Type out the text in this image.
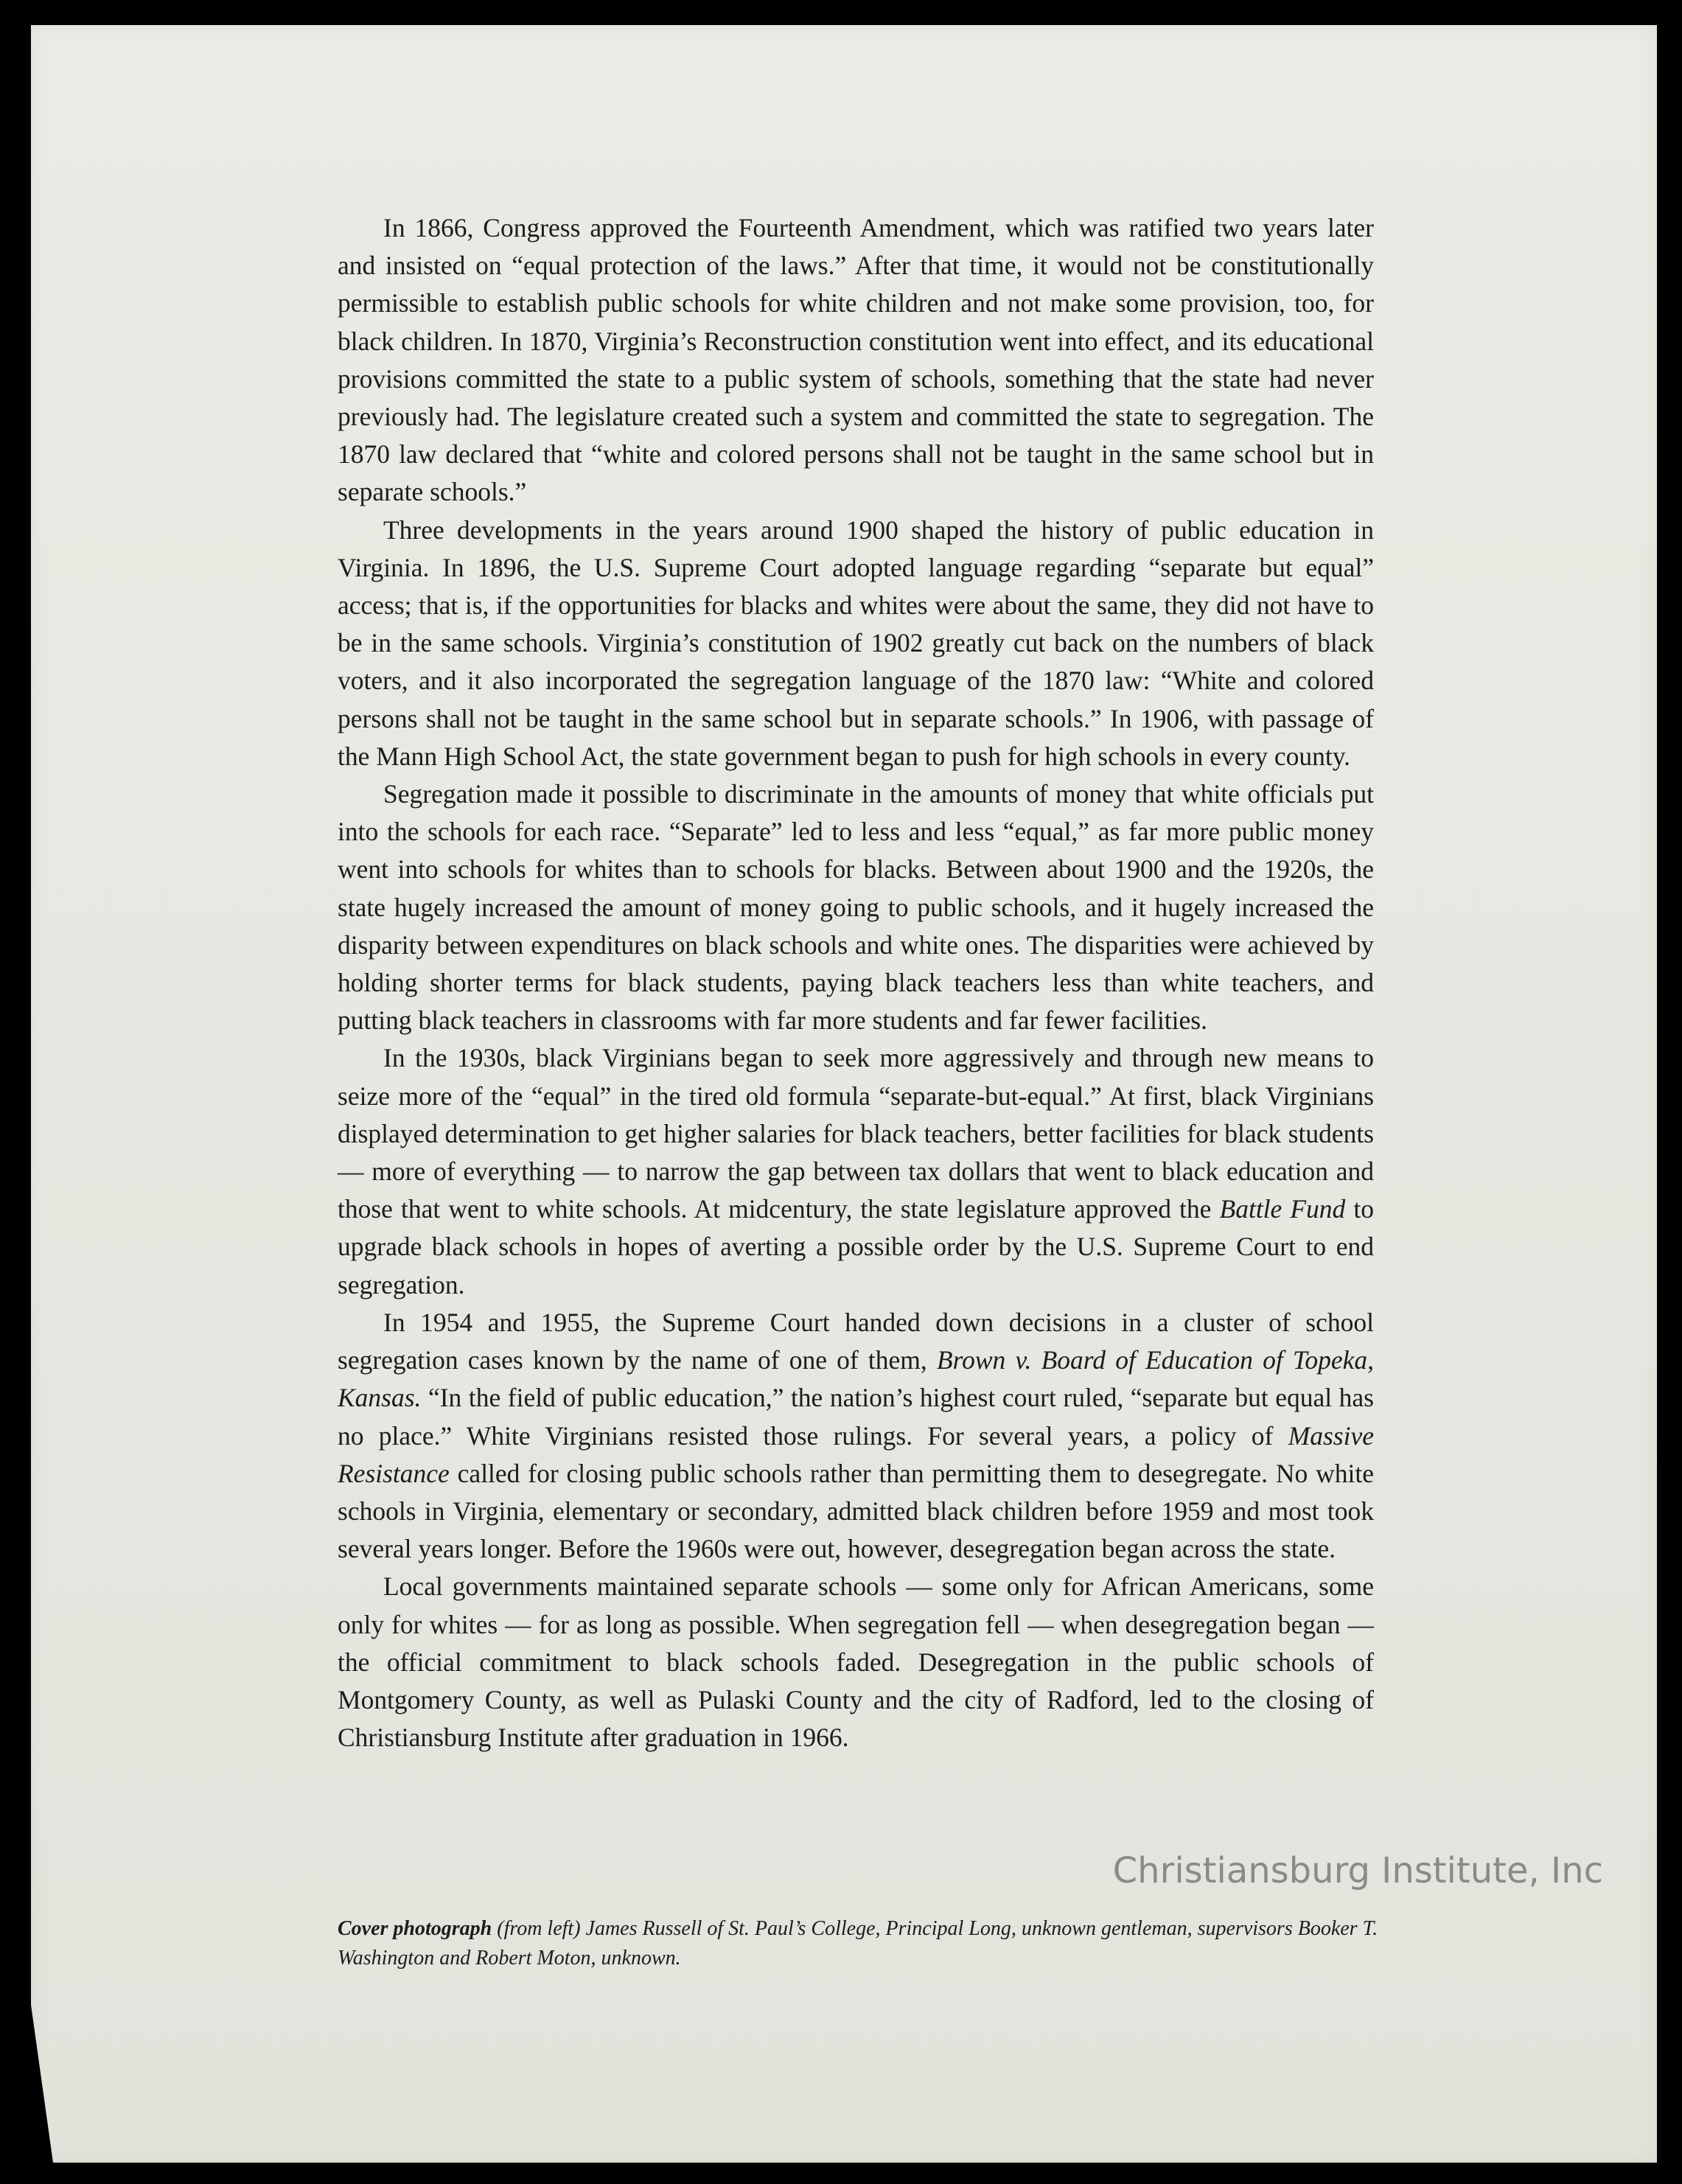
In 1866, Congress approved the Fourteenth Amendment, which was ratified two years later and insisted on “equal protection of the laws.” After that time, it would not be constitutionally permissible to establish public schools for white children and not make some provision, too, for black children. In 1870, Virginia’s Reconstruction constitution went into effect, and its educational provisions committed the state to a public system of schools, something that the state had never previously had. The legislature created such a system and committed the state to segregation. The 1870 law declared that “white and colored persons shall not be taught in the same school but in separate schools.”

Three developments in the years around 1900 shaped the history of public education in Virginia. In 1896, the U.S. Supreme Court adopted language regarding “separate but equal” access; that is, if the opportunities for blacks and whites were about the same, they did not have to be in the same schools. Virginia’s constitution of 1902 greatly cut back on the numbers of black voters, and it also incorporated the segregation language of the 1870 law: “White and colored persons shall not be taught in the same school but in separate schools.” In 1906, with passage of the Mann High School Act, the state government began to push for high schools in every county.

Segregation made it possible to discriminate in the amounts of money that white officials put into the schools for each race. “Separate” led to less and less “equal,” as far more public money went into schools for whites than to schools for blacks. Between about 1900 and the 1920s, the state hugely increased the amount of money going to public schools, and it hugely increased the disparity between expenditures on black schools and white ones. The disparities were achieved by holding shorter terms for black students, paying black teachers less than white teachers, and putting black teachers in classrooms with far more students and far fewer facilities.

In the 1930s, black Virginians began to seek more aggressively and through new means to seize more of the “equal” in the tired old formula “separate-but-equal.” At first, black Virginians displayed determination to get higher salaries for black teachers, better facilities for black students — more of everything — to narrow the gap between tax dollars that went to black education and those that went to white schools. At midcentury, the state legislature approved the Battle Fund to upgrade black schools in hopes of averting a possible order by the U.S. Supreme Court to end segregation.

In 1954 and 1955, the Supreme Court handed down decisions in a cluster of school segregation cases known by the name of one of them, Brown v. Board of Education of Topeka, Kansas. “In the field of public education,” the nation’s highest court ruled, “separate but equal has no place.” White Virginians resisted those rulings. For several years, a policy of Massive Resistance called for closing public schools rather than permitting them to desegregate. No white schools in Virginia, elementary or secondary, admitted black children before 1959 and most took several years longer. Before the 1960s were out, however, desegregation began across the state.

Local governments maintained separate schools — some only for African Americans, some only for whites — for as long as possible. When segregation fell — when desegregation began — the official commitment to black schools faded. Desegregation in the public schools of Montgomery County, as well as Pulaski County and the city of Radford, led to the closing of Christiansburg Institute after graduation in 1966.

Cover photograph (from left) James Russell of St. Paul’s College, Principal Long, unknown gentleman, supervisors Booker T. Washington and Robert Moton, unknown.
Christiansburg Institute, Inc
